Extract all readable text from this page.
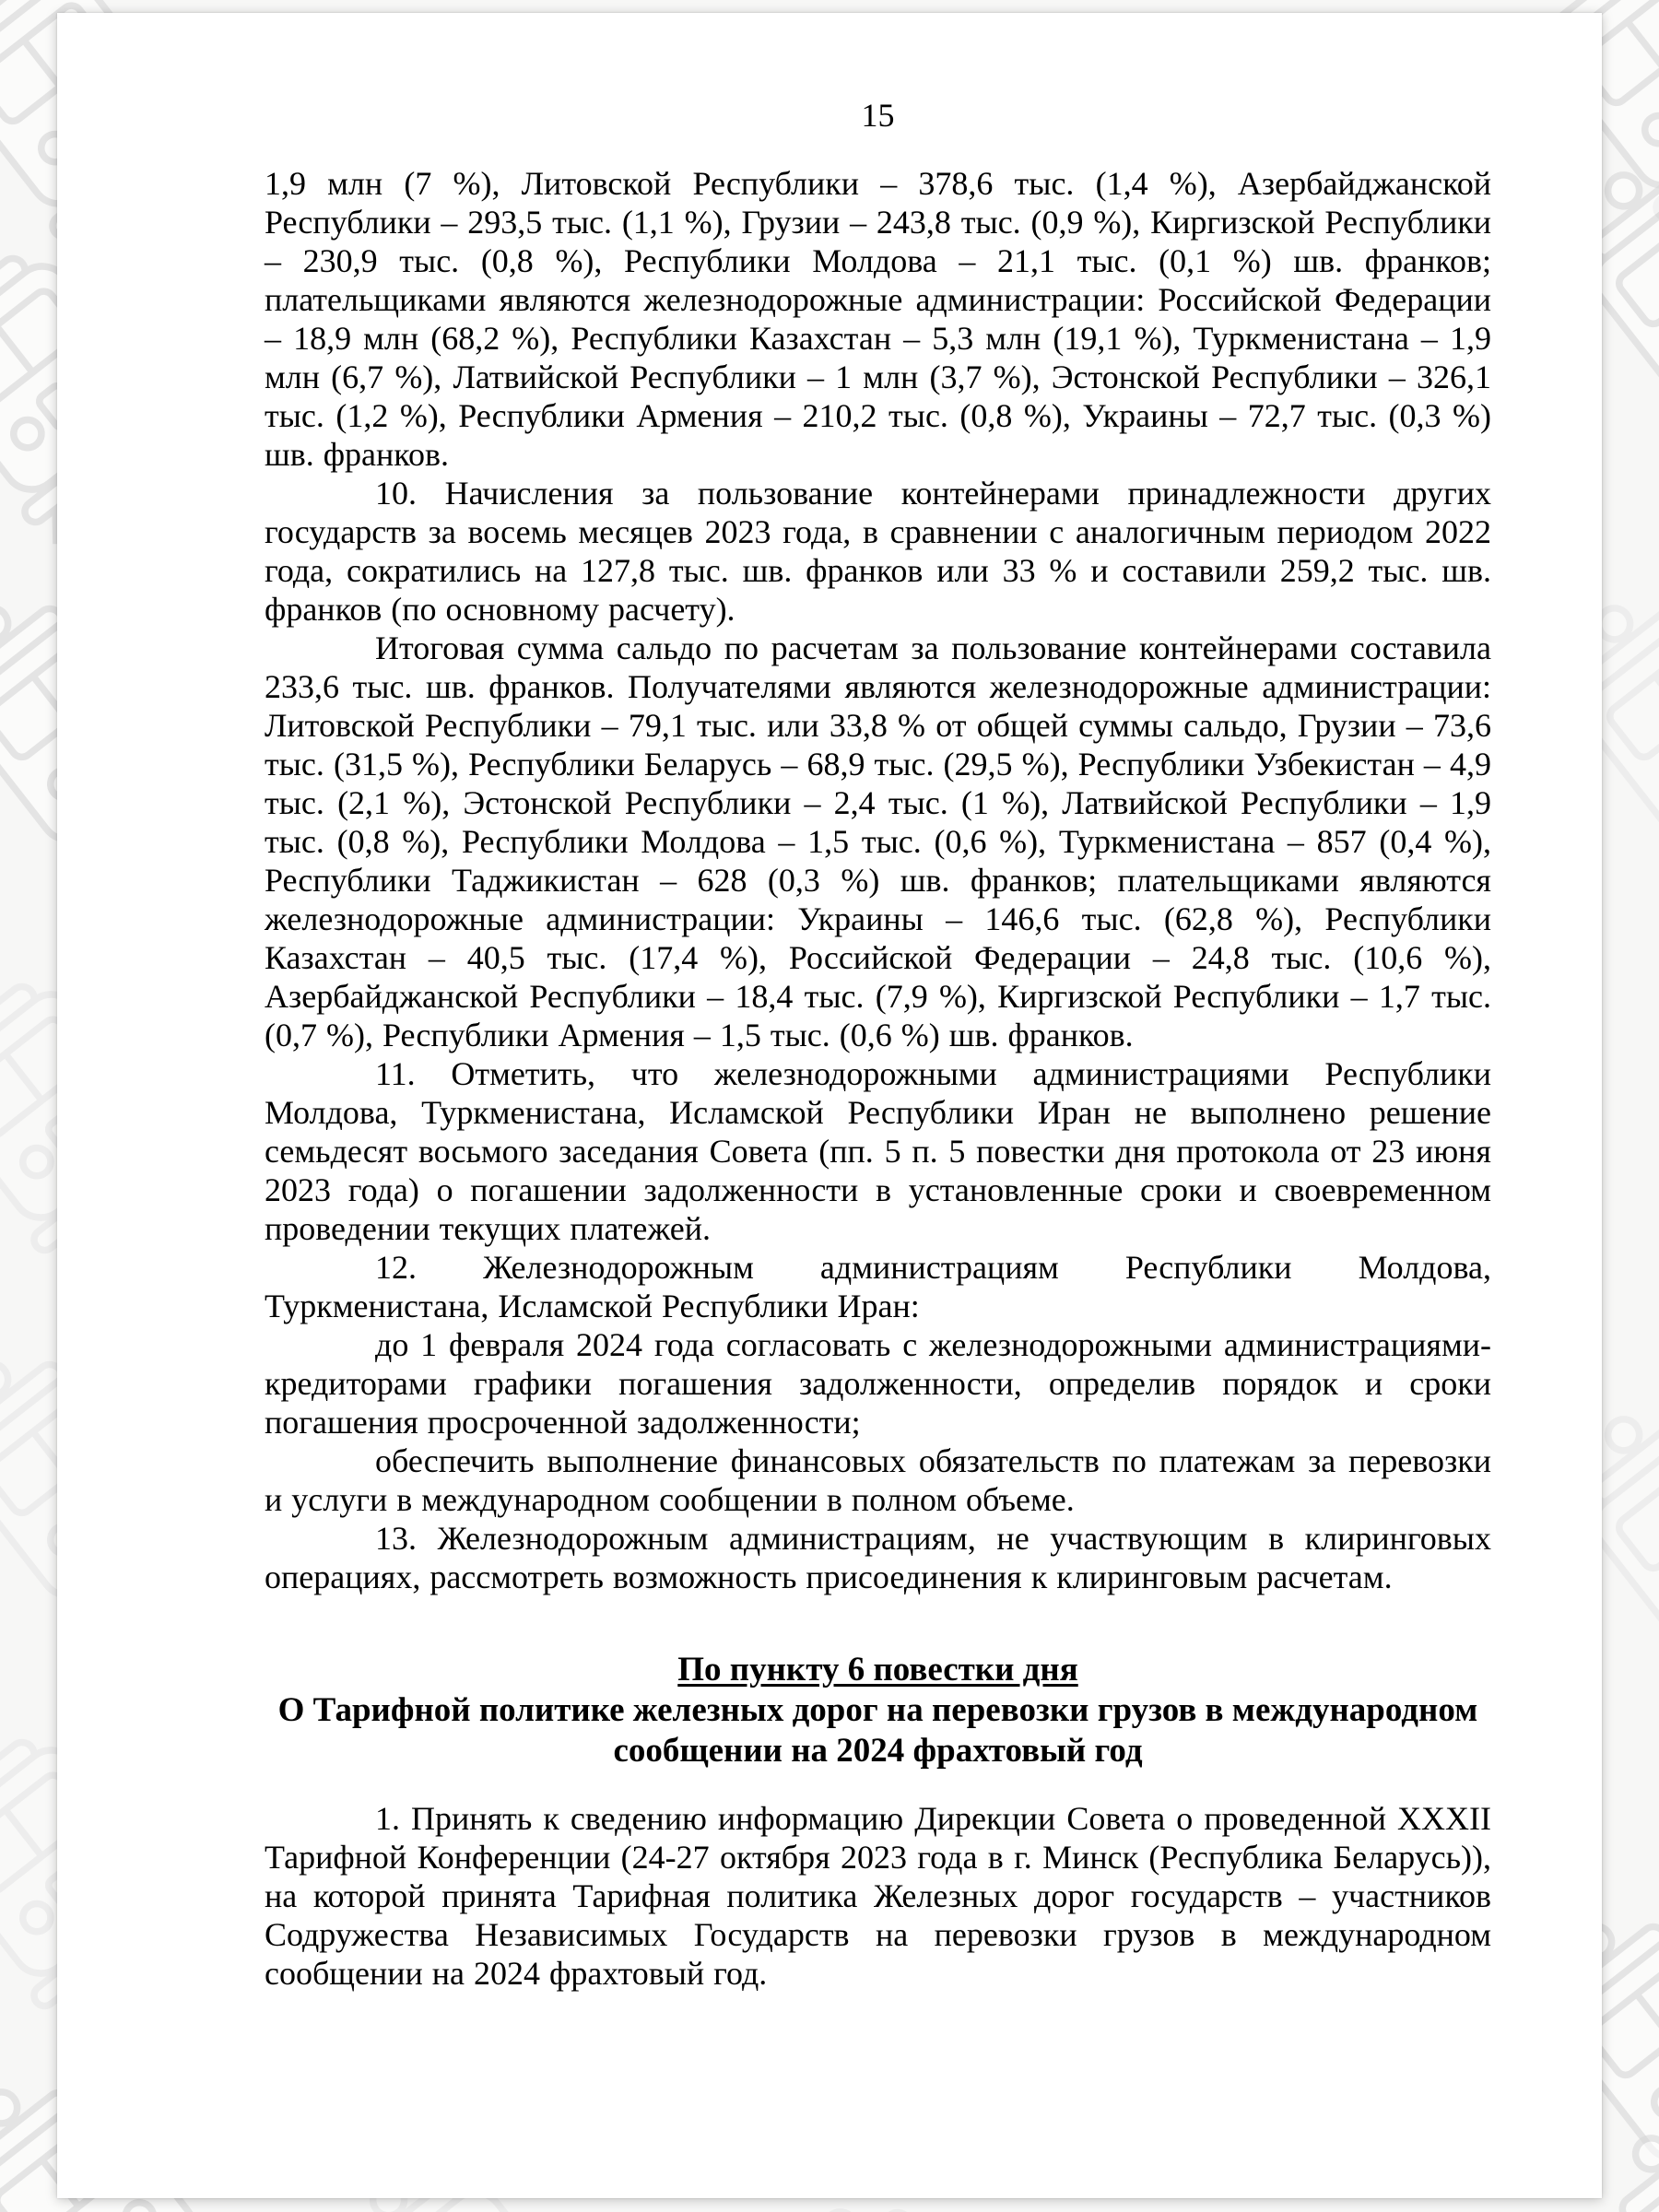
15

1,9 млн (7 %), Литовской Республики – 378,6 тыс. (1,4 %), Азербайджанской Республики – 293,5 тыс. (1,1 %), Грузии – 243,8 тыс. (0,9 %), Киргизской Республики – 230,9 тыс. (0,8 %), Республики Молдова – 21,1 тыс. (0,1 %) шв. франков; плательщиками являются железнодорожные администрации: Российской Федерации – 18,9 млн (68,2 %), Республики Казахстан – 5,3 млн (19,1 %), Туркменистана – 1,9 млн (6,7 %), Латвийской Республики – 1 млн (3,7 %), Эстонской Республики – 326,1 тыс. (1,2 %), Республики Армения – 210,2 тыс. (0,8 %), Украины – 72,7 тыс. (0,3 %) шв. франков.

10. Начисления за пользование контейнерами принадлежности других государств за восемь месяцев 2023 года, в сравнении с аналогичным периодом 2022 года, сократились на 127,8 тыс. шв. франков или 33 % и составили 259,2 тыс. шв. франков (по основному расчету).

Итоговая сумма сальдо по расчетам за пользование контейнерами составила 233,6 тыс. шв. франков. Получателями являются железнодорожные администрации: Литовской Республики – 79,1 тыс. или 33,8 % от общей суммы сальдо, Грузии – 73,6 тыс. (31,5 %), Республики Беларусь – 68,9 тыс. (29,5 %), Республики Узбекистан – 4,9 тыс. (2,1 %), Эстонской Республики – 2,4 тыс. (1 %), Латвийской Республики – 1,9 тыс. (0,8 %), Республики Молдова – 1,5 тыс. (0,6 %), Туркменистана – 857 (0,4 %), Республики Таджикистан – 628 (0,3 %) шв. франков; плательщиками являются железнодорожные администрации: Украины – 146,6 тыс. (62,8 %), Республики Казахстан – 40,5 тыс. (17,4 %), Российской Федерации – 24,8 тыс. (10,6 %), Азербайджанской Республики – 18,4 тыс. (7,9 %), Киргизской Республики – 1,7 тыс. (0,7 %), Республики Армения – 1,5 тыс. (0,6 %) шв. франков.

11. Отметить, что железнодорожными администрациями Республики Молдова, Туркменистана, Исламской Республики Иран не выполнено решение семьдесят восьмого заседания Совета (пп. 5 п. 5 повестки дня протокола от 23 июня 2023 года) о погашении задолженности в установленные сроки и своевременном проведении текущих платежей.

12. Железнодорожным администрациям Республики Молдова, Туркменистана, Исламской Республики Иран:

до 1 февраля 2024 года согласовать с железнодорожными администрациями-кредиторами графики погашения задолженности, определив порядок и сроки погашения просроченной задолженности;

обеспечить выполнение финансовых обязательств по платежам за перевозки и услуги в международном сообщении в полном объеме.

13. Железнодорожным администрациям, не участвующим в клиринговых операциях, рассмотреть возможность присоединения к клиринговым расчетам.

По пункту 6 повестки дня
О Тарифной политике железных дорог на перевозки грузов в международном сообщении на 2024 фрахтовый год

1. Принять к сведению информацию Дирекции Совета о проведенной XXXII Тарифной Конференции (24-27 октября 2023 года в г. Минск (Республика Беларусь)), на которой принята Тарифная политика Железных дорог государств – участников Содружества Независимых Государств на перевозки грузов в международном сообщении на 2024 фрахтовый год.
